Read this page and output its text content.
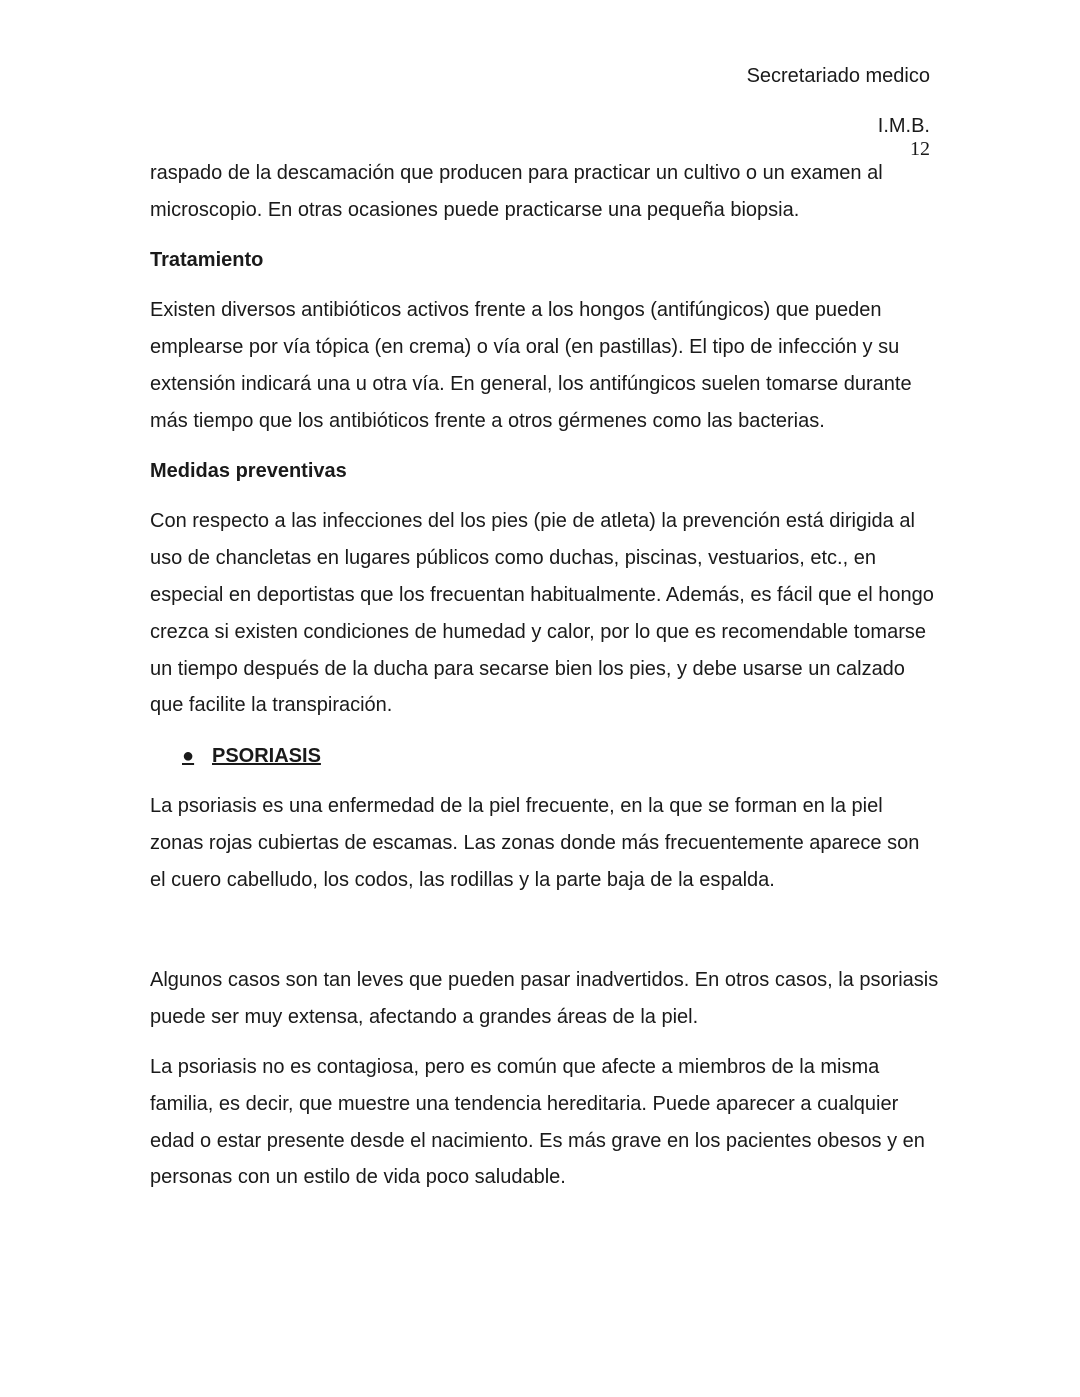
Secretariado medico
I.M.B.
12

raspado de la descamación que producen para practicar un cultivo o un examen al microscopio. En otras ocasiones puede practicarse una pequeña biopsia.

Tratamiento

Existen diversos antibióticos activos frente a los hongos (antifúngicos) que pueden emplearse por vía tópica (en crema) o vía oral (en pastillas). El tipo de infección y su extensión indicará una u otra vía. En general, los antifúngicos suelen tomarse durante más tiempo que los antibióticos frente a otros gérmenes como las bacterias.

Medidas preventivas

Con respecto a las infecciones del los pies (pie de atleta) la prevención está dirigida al uso de chancletas en lugares públicos como duchas, piscinas, vestuarios, etc., en especial en deportistas que los frecuentan habitualmente. Además, es fácil que el hongo crezca si existen condiciones de humedad y calor, por lo que es recomendable tomarse un tiempo después de la ducha para secarse bien los pies, y debe usarse un calzado que facilite la transpiración.

● PSORIASIS

La psoriasis es una enfermedad de la piel frecuente, en la que se forman en la piel zonas rojas cubiertas de escamas. Las zonas donde más frecuentemente aparece son el cuero cabelludo, los codos, las rodillas y la parte baja de la espalda.

Algunos casos son tan leves que pueden pasar inadvertidos. En otros casos, la psoriasis puede ser muy extensa, afectando a grandes áreas de la piel.

La psoriasis no es contagiosa, pero es común que afecte a miembros de la misma familia, es decir, que muestre una tendencia hereditaria. Puede aparecer a cualquier edad o estar presente desde el nacimiento. Es más grave en los pacientes obesos y en personas con un estilo de vida poco saludable.
